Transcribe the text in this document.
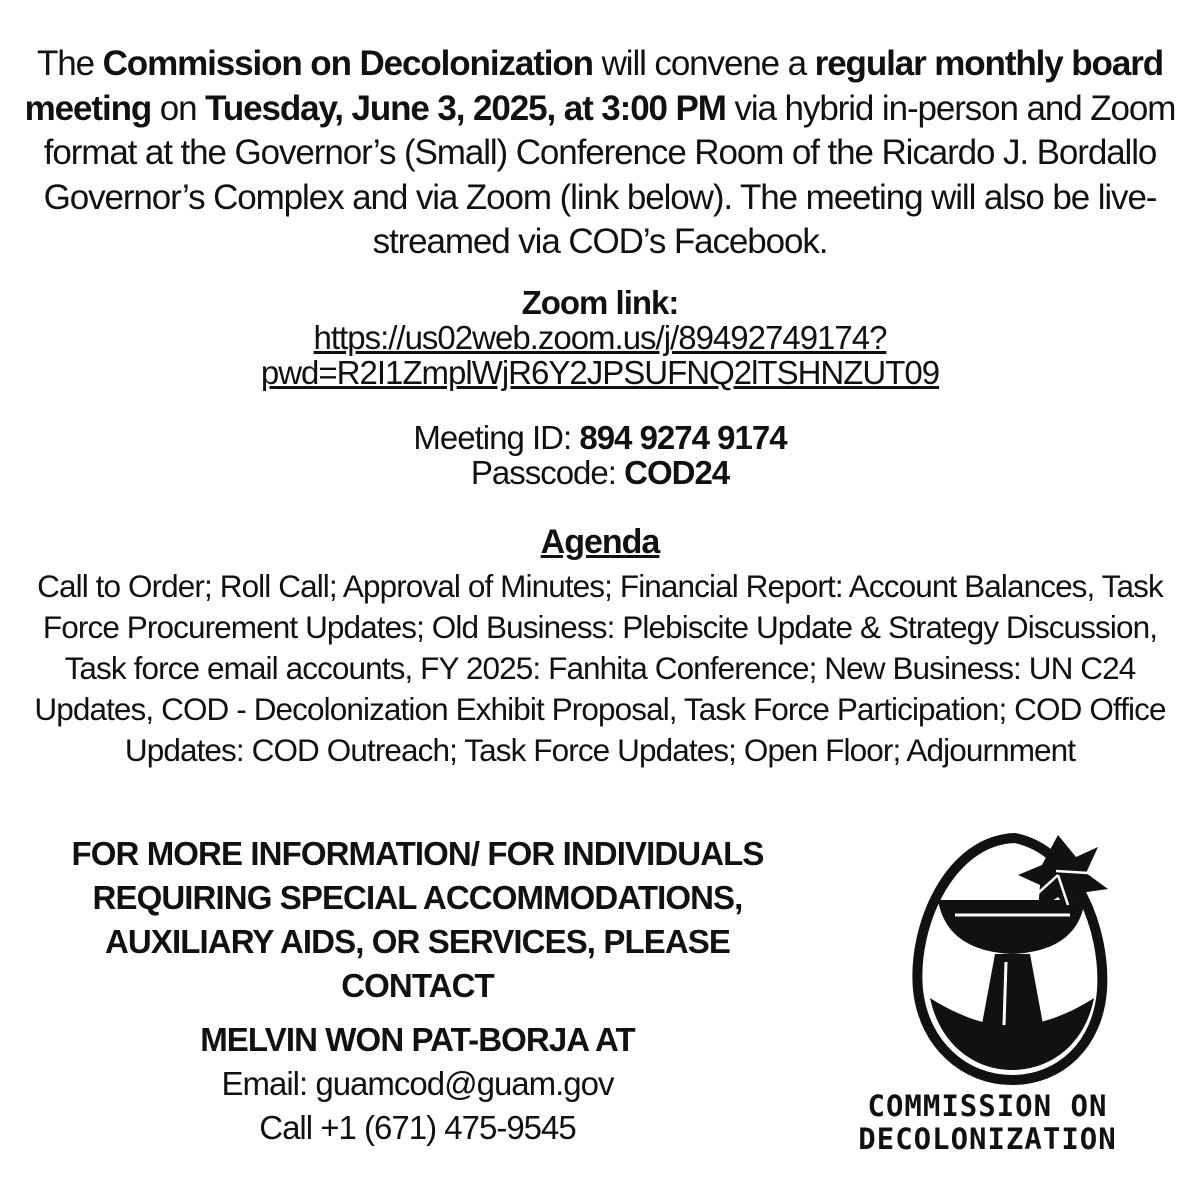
The Commission on Decolonization will convene a regular monthly board meeting on Tuesday, June 3, 2025, at 3:00 PM via hybrid in-person and Zoom format at the Governor’s (Small) Conference Room of the Ricardo J. Bordallo Governor’s Complex and via Zoom (link below). The meeting will also be live-streamed via COD’s Facebook.
Zoom link:
https://us02web.zoom.us/j/89492749174?
pwd=R2I1ZmplWjR6Y2JPSUFNQ2lTSHNZUT09
Meeting ID: 894 9274 9174
Passcode: COD24
Agenda
Call to Order; Roll Call; Approval of Minutes; Financial Report: Account Balances, Task Force Procurement Updates; Old Business: Plebiscite Update & Strategy Discussion, Task force email accounts, FY 2025: Fanhita Conference; New Business: UN C24 Updates, COD - Decolonization Exhibit Proposal, Task Force Participation; COD Office Updates: COD Outreach; Task Force Updates; Open Floor; Adjournment
FOR MORE INFORMATION/ FOR INDIVIDUALS
REQUIRING SPECIAL ACCOMMODATIONS,
AUXILIARY AIDS, OR SERVICES, PLEASE
CONTACT
MELVIN WON PAT-BORJA AT
Email: guamcod@guam.gov
Call +1 (671) 475-9545
COMMISSION ON
DECOLONIZATION
